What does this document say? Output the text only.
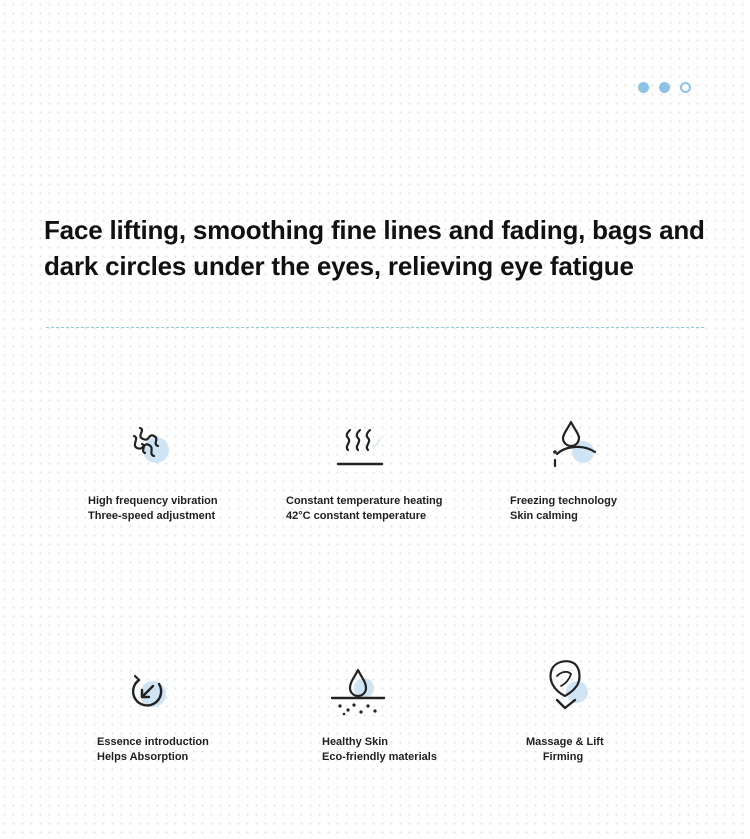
Face lifting, smoothing fine lines and fading, bags and dark circles under the eyes, relieving eye fatigue
High frequency vibration
Three-speed adjustment
Constant temperature heating
42°C constant temperature
Freezing technology
Skin calming
Essence introduction
Helps Absorption
Healthy Skin
Eco-friendly materials
Massage & Lift
Firming
